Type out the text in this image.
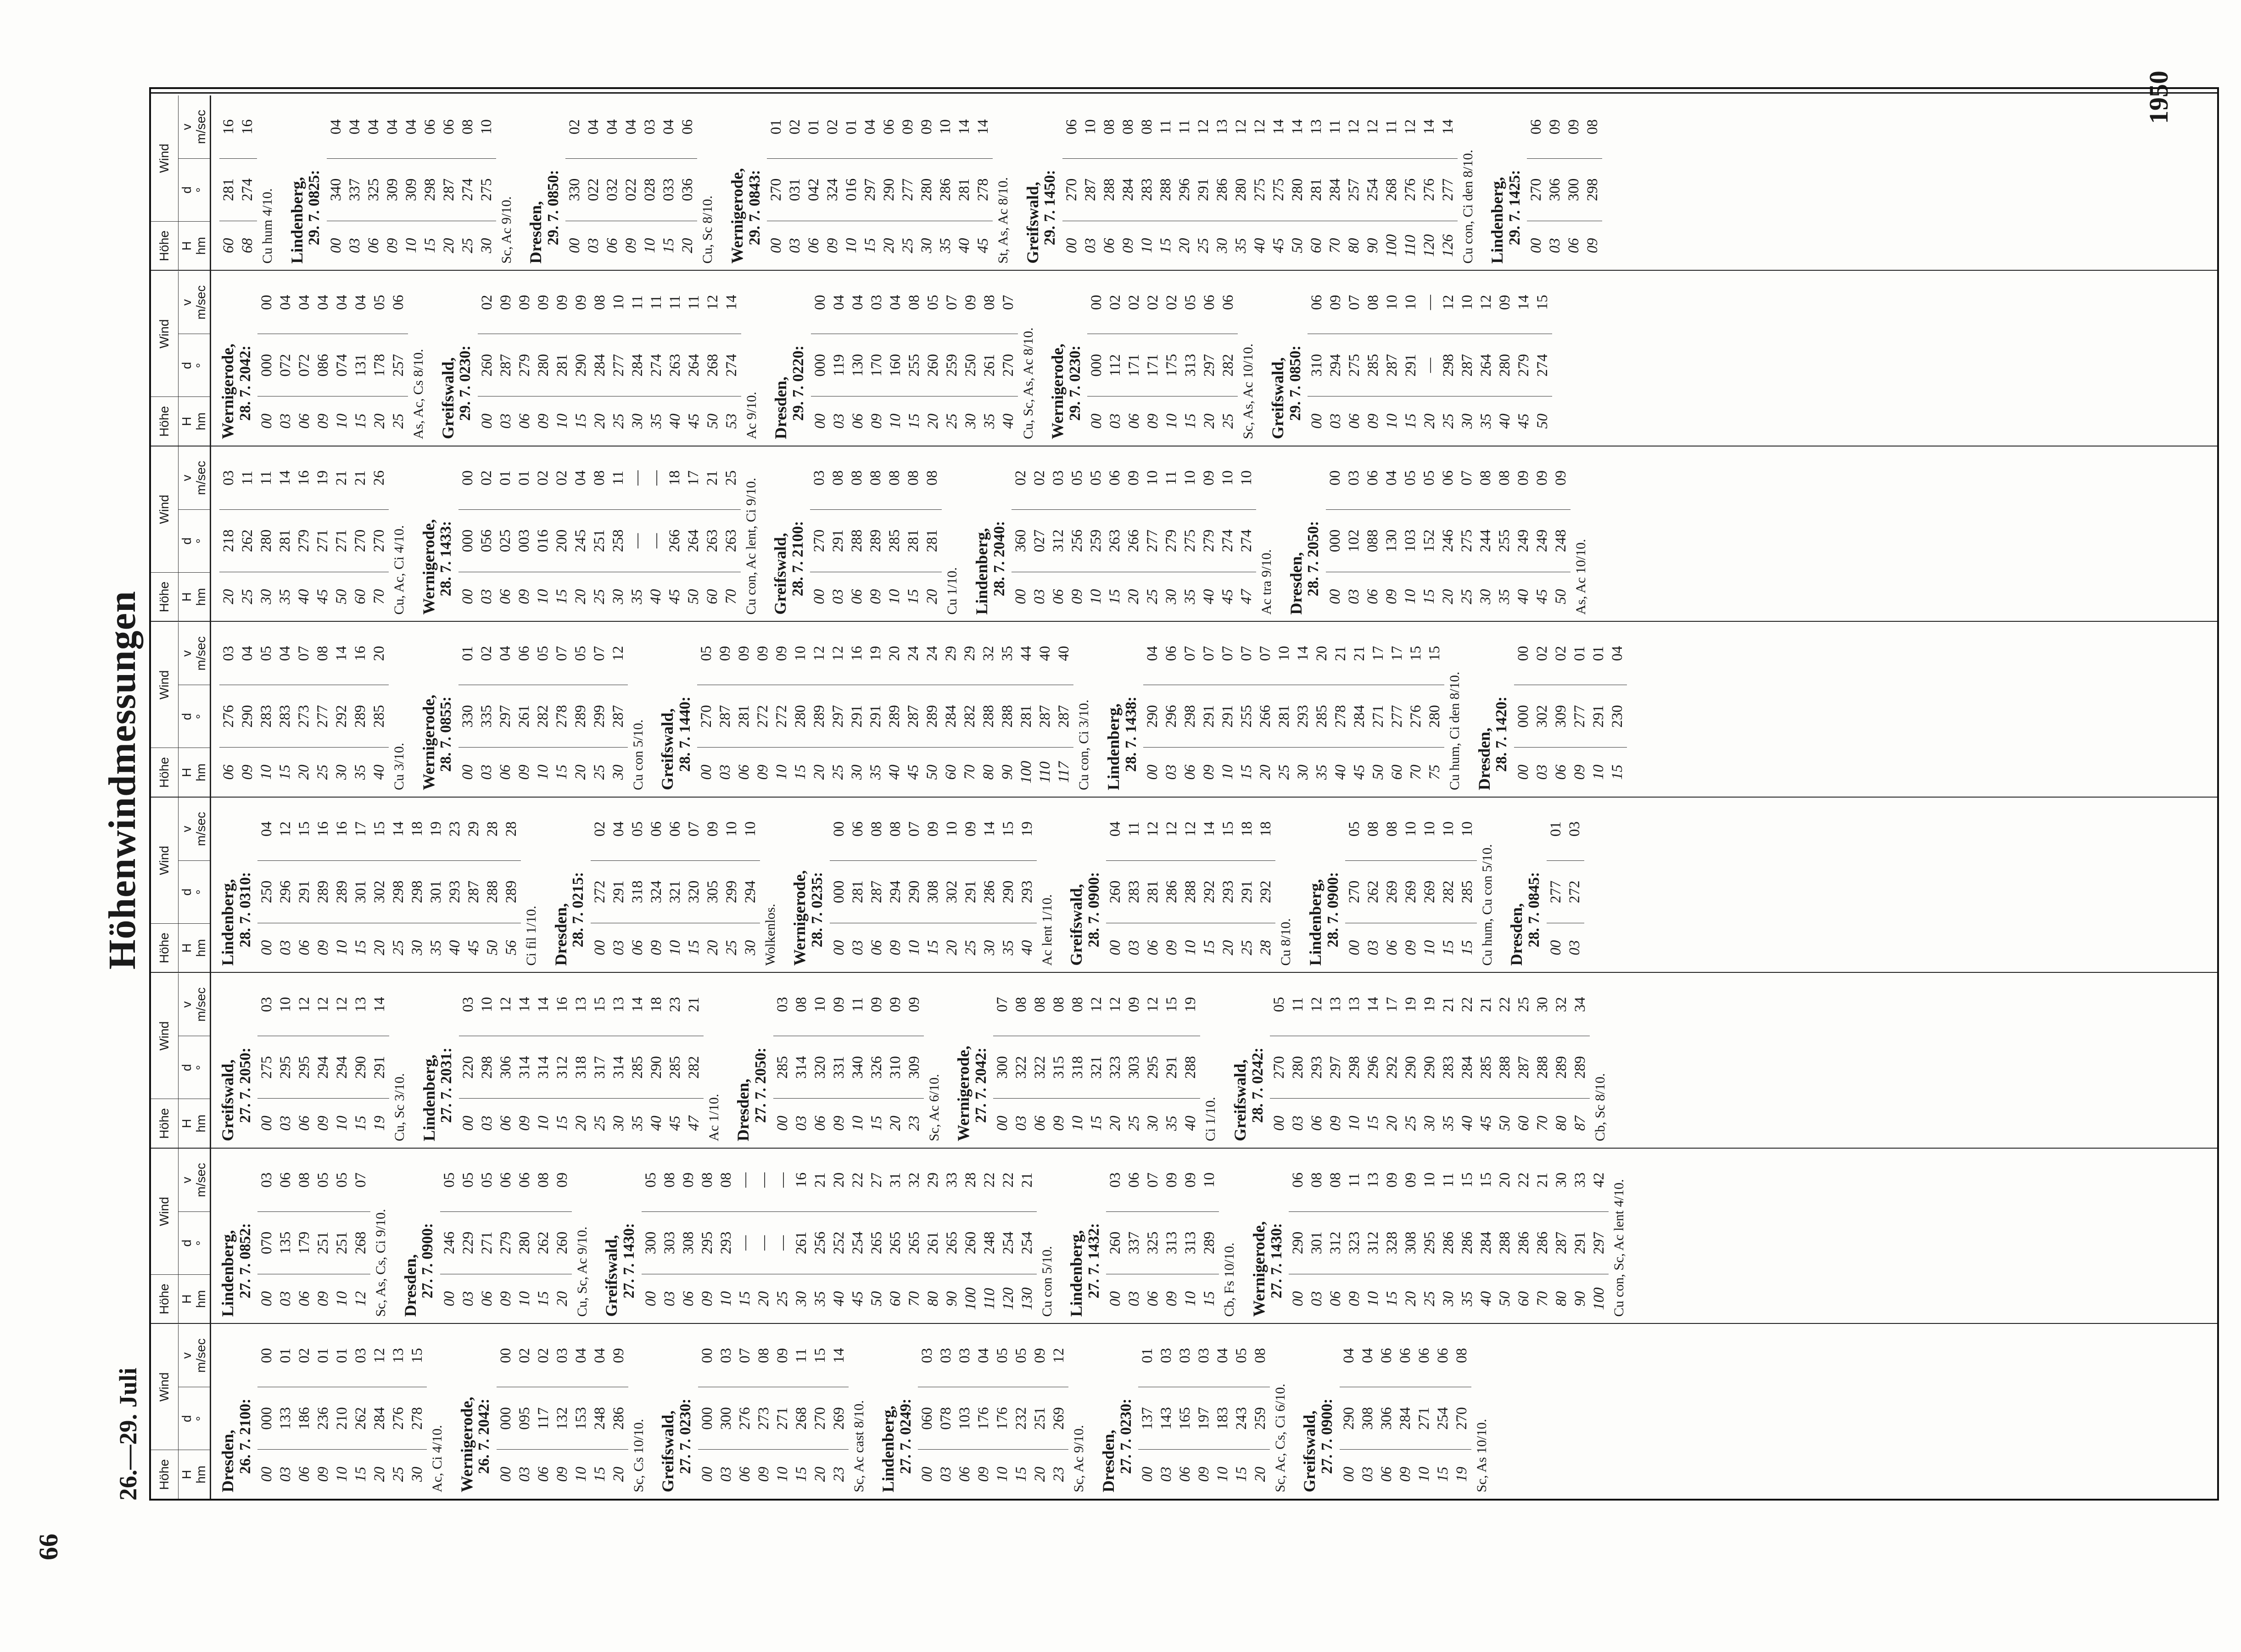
66
26.—29. Juli
Höhenwindmessungen
1950
Höhe
Wind
H hm
d °
v m/sec
Dresden, 26. 7. 2100:
00
000
00
03
133
01
06
186
02
09
236
01
10
210
01
15
262
03
20
284
12
25
276
13
30
278
15
Ac, Ci 4/10. Wernigerode, 26. 7. 2042:
00
000
00
03
095
02
06
117
02
09
132
03
10
153
04
15
248
04
20
286
09
Sc, Cs 10/10. Greifswald, 27. 7. 0230:
00
000
00
03
300
03
06
276
07
09
273
08
10
271
09
15
268
11
20
270
15
23
269
14
Sc, Ac cast 8/10. Lindenberg, 27. 7. 0249:
00
060
03
03
078
03
06
103
03
09
176
04
10
176
05
15
232
05
20
251
09
23
269
12
Sc, Ac 9/10. Dresden, 27. 7. 0230:
00
137
01
03
143
03
06
165
03
09
197
03
10
183
04
15
243
05
20
259
08
Sc, Ac, Cs, Ci 6/10. Greifswald, 27. 7. 0900:
00
290
04
03
308
04
06
306
06
09
284
06
10
271
06
15
254
06
19
270
08
Sc, As 10/10.
Höhe
Wind
H hm
d °
v m/sec
Lindenberg, 27. 7. 0852:
00
070
03
03
135
06
06
179
08
09
251
05
10
251
05
12
268
07
Sc, As, Cs, Ci 9/10. Dresden, 27. 7. 0900:
00
246
05
03
229
05
06
271
05
09
279
06
10
280
06
15
262
08
20
260
09
Cu, Sc, Ac 9/10. Greifswald, 27. 7. 1430:
00
300
05
03
303
08
06
308
09
09
295
08
10
293
08
15
—
—
20
—
—
25
—
—
30
261
16
35
256
21
40
252
20
45
254
22
50
265
27
60
265
31
70
265
32
80
261
29
90
265
33
100
260
28
110
248
22
120
254
22
130
254
21
Cu con 5/10. Lindenberg, 27. 7. 1432:
00
260
03
03
337
06
06
325
07
09
313
09
10
313
09
15
289
10
Cb, Fs 10/10. Wernigerode, 27. 7. 1430:
00
290
06
03
301
08
06
312
08
09
323
11
10
312
13
15
328
09
20
308
09
25
295
10
30
286
11
35
286
15
40
284
15
50
288
20
60
286
22
70
286
21
80
287
30
90
291
33
100
297
42 Cu con, Sc, Ac lent 4/10.
Höhe
Wind
H hm
d °
v m/sec
Greifswald, 27. 7. 2050:
00
275
03
03
295
10
06
295
12
09
294
12
10
294
12
15
290
13
19
291
14
Cu, Sc 3/10. Lindenberg, 27. 7. 2031:
00
220
03
03
298
10
06
306
12
09
314
14
10
314
14
15
312
16
20
318
13
25
317
15
30
314
13
35
285
14
40
290
18
45
285
23
47
282
21
Ac 1/10. Dresden, 27. 7. 2050:
00
285
03
03
314
08
06
320
10
09
331
09
10
340
11
15
326
09
20
310
09
23
309
09
Sc, Ac 6/10. Wernigerode, 27. 7. 2042:
00
300
07
03
322
08
06
322
08
09
315
08
10
318
08
15
321
12
20
323
12
25
303
09
30
295
12
35
291
15
40
288
19
Ci 1/10. Greifswald, 28. 7. 0242:
00
270
05
03
280
11
06
293
12
09
297
13
10
298
13
15
296
14
20
292
17
25
290
19
30
290
19
35
283
21
40
284
22
45
285
21
50
288
22
60
287
25
70
288
30
80
289
32
87
289
34
Cb, Sc 8/10.
Höhe
Wind
H hm
d °
v m/sec
Lindenberg, 28. 7. 0310:
00
250
04
03
296
12
06
291
15
09
289
16
10
289
16
15
301
17
20
302
15
25
298
14
30
298
18
35
301
19
40
293
23
45
287
29
50
288
28
56
289
28
Ci fil 1/10. Dresden, 28. 7. 0215:
00
272
02
03
291
04
06
318
05
09
324
06
10
321
06
15
320
07
20
305
09
25
299
10
30
294
10
Wolkenlos. Wernigerode, 28. 7. 0235:
00
000
00
03
281
06
06
287
08
09
294
08
10
290
07
15
308
09
20
302
10
25
291
09
30
286
14
35
290
15
40
293
19
Ac lent 1/10. Greifswald, 28. 7. 0900:
00
260
04
03
283
11
06
281
12
09
286
12
10
288
12
15
292
14
20
293
15
25
291
18
28
292
18
Cu 8/10. Lindenberg, 28. 7. 0900:
00
270
05
03
262
08
06
269
08
09
269
10
10
269
10
15
282
10
15
285
10
Cu hum, Cu con 5/10. Dresden, 28. 7. 0845:
00
277
01
03
272
03
Höhe
Wind
H hm
d °
v m/sec
06
276
03
09
290
04
10
283
05
15
283
04
20
273
07
25
277
08
30
292
14
35
289
16
40
285
20
Cu 3/10. Wernigerode, 28. 7. 0855:
00
330
01
03
335
02
06
297
04
09
261
06
10
282
05
15
278
07
20
289
05
25
299
07
30
287
12
Cu con 5/10. Greifswald, 28. 7. 1440:
00
270
05
03
287
09
06
281
09
09
272
09
10
272
09
15
280
10
20
289
12
25
297
12
30
291
16
35
291
19
40
289
20
45
287
24
50
289
24
60
284
29
70
282
29
80
288
32
90
288
35
100
281
44
110
287
40
117
287
40
Cu con, Ci 3/10. Lindenberg, 28. 7. 1438:
00
290
04
03
296
06
06
298
07
09
291
07
10
291
07
15
255
07
20
266
07
25
281
10
30
293
14
35
285
20
40
278
21
45
284
21
50
271
17
60
277
17
70
276
15
75
280
15
Cu hum, Ci den 8/10. Dresden, 28. 7. 1420:
00
000
00
03
302
02
06
309
02
09
277
01
10
291
01
15
230
04
Höhe
Wind
H hm
d °
v m/sec
20
218
03
25
262
11
30
280
11
35
281
14
40
279
16
45
271
19
50
271
21
60
270
21
70
270
26
Cu, Ac, Ci 4/10. Wernigerode, 28. 7. 1433:
00
000
00
03
056
02
06
025
01
09
003
01
10
016
02
15
200
02
20
245
04
25
251
08
30
258
11
35
—
—
40
—
—
45
266
18
50
264
17
60
263
21
70
263
25 Cu con, Ac lent, Ci 9/10. Greifswald, 28. 7. 2100:
00
270
03
03
291
08
06
288
08
09
289
08
10
285
08
15
281
08
20
281
08
Cu 1/10. Lindenberg, 28. 7. 2040:
00
360
02
03
027
02
06
312
03
09
256
05
10
259
05
15
263
06
20
266
09
25
277
10
30
279
11
35
275
10
40
279
09
45
274
10
47
274
10
Ac tra 9/10. Dresden, 28. 7. 2050:
00
000
00
03
102
03
06
088
06
09
130
04
10
103
05
15
152
05
20
246
06
25
275
07
30
244
08
35
255
08
40
249
09
45
249
09
50
248
09
As, Ac 10/10.
Höhe
Wind
H hm
d °
v m/sec
Wernigerode, 28. 7. 2042:
00
000
00
03
072
04
06
072
04
09
086
04
10
074
04
15
131
04
20
178
05
25
257
06
As, Ac, Cs 8/10. Greifswald, 29. 7. 0230:
00
260
02
03
287
09
06
279
09
09
280
09
10
281
09
15
290
09
20
284
08
25
277
10
30
284
11
35
274
11
40
263
11
45
264
11
50
268
12
53
274
14
Ac 9/10. Dresden, 29. 7. 0220:
00
000
00
03
119
04
06
130
04
09
170
03
10
160
04
15
255
08
20
260
05
25
259
07
30
250
09
35
261
08
40
270
07
Cu, Sc, As, Ac 8/10. Wernigerode, 29. 7. 0230:
00
000
00
03
112
02
06
171
02
09
171
02
10
175
02
15
313
05
20
297
06
25
282
06
Sc, As, Ac 10/10. Greifswald, 29. 7. 0850:
00
310
06
03
294
09
06
275
07
09
285
08
10
287
10
15
291
10
20
—
—
25
298
12
30
287
10
35
264
12
40
280
09
45
279
14
50
274
15
Höhe
Wind
H hm
d °
v m/sec
60
281
16
68
274
16
Cu hum 4/10. Lindenberg, 29. 7. 0825:
00
340
04
03
337
04
06
325
04
09
309
04
10
309
04
15
298
06
20
287
06
25
274
08
30
275
10
Sc, Ac 9/10. Dresden, 29. 7. 0850:
00
330
02
03
022
04
06
032
04
09
022
04
10
028
03
15
033
04
20
036
06
Cu, Sc 8/10. Wernigerode, 29. 7. 0843:
00
270
01
03
031
02
06
042
01
09
324
02
10
016
01
15
297
04
20
290
06
25
277
09
30
280
09
35
286
10
40
281
14
45
278
14
St, As, Ac 8/10. Greifswald, 29. 7. 1450:
00
270
06
03
287
10
06
288
08
09
284
08
10
283
08
15
288
11
20
296
11
25
291
12
30
286
13
35
280
12
40
275
12
45
275
14
50
280
14
60
281
13
70
284
11
80
257
12
90
254
12
100
268
11
110
276
12
120
276
14
126
277
14
Cu con, Ci den 8/10. Lindenberg, 29. 7. 1425:
00
270
06
03
306
09
06
300
09
09
298
08
